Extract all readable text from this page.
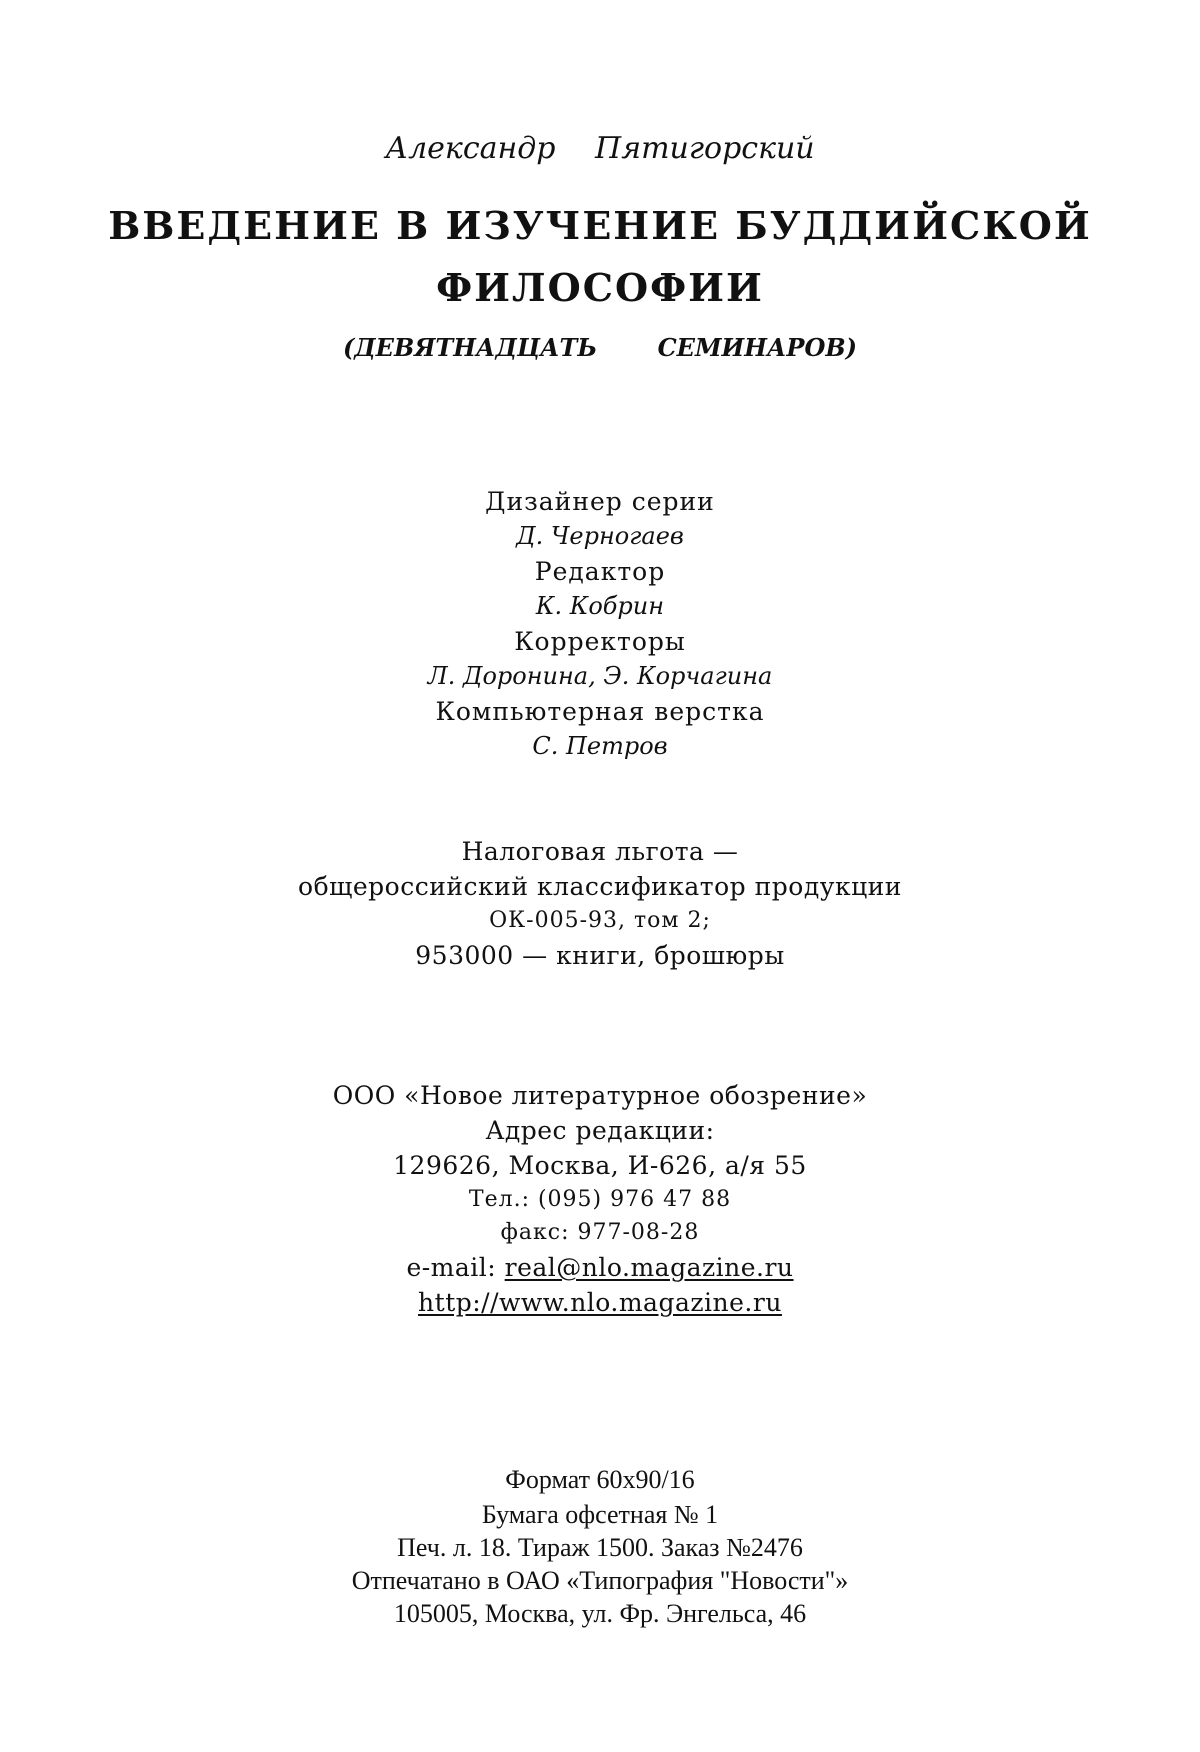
Александр Пятигорский
ВВЕДЕНИЕ В ИЗУЧЕНИЕ БУДДИЙСКОЙ
ФИЛОСОФИИ
(ДЕВЯТНАДЦАТЬ СЕМИНАРОВ)
Дизайнер серии
Д. Черногаев
Редактор
К. Кобрин
Корректоры
Л. Доронина, Э. Корчагина
Компьютерная верстка
С. Петров
Налоговая льгота —
общероссийский классификатор продукции
ОК-005-93, том 2;
953000 — книги, брошюры
ООО «Новое литературное обозрение»
Адрес редакции:
129626, Москва, И-626, а/я 55
Тел.: (095) 976 47 88
факс: 977-08-28
e-mail: real@nlo.magazine.ru
http://www.nlo.magazine.ru
Формат 60х90/16
Бумага офсетная № 1
Печ. л. 18. Тираж 1500. Заказ №2476
Отпечатано в ОАО «Типография "Новости"»
105005, Москва, ул. Фр. Энгельса, 46
